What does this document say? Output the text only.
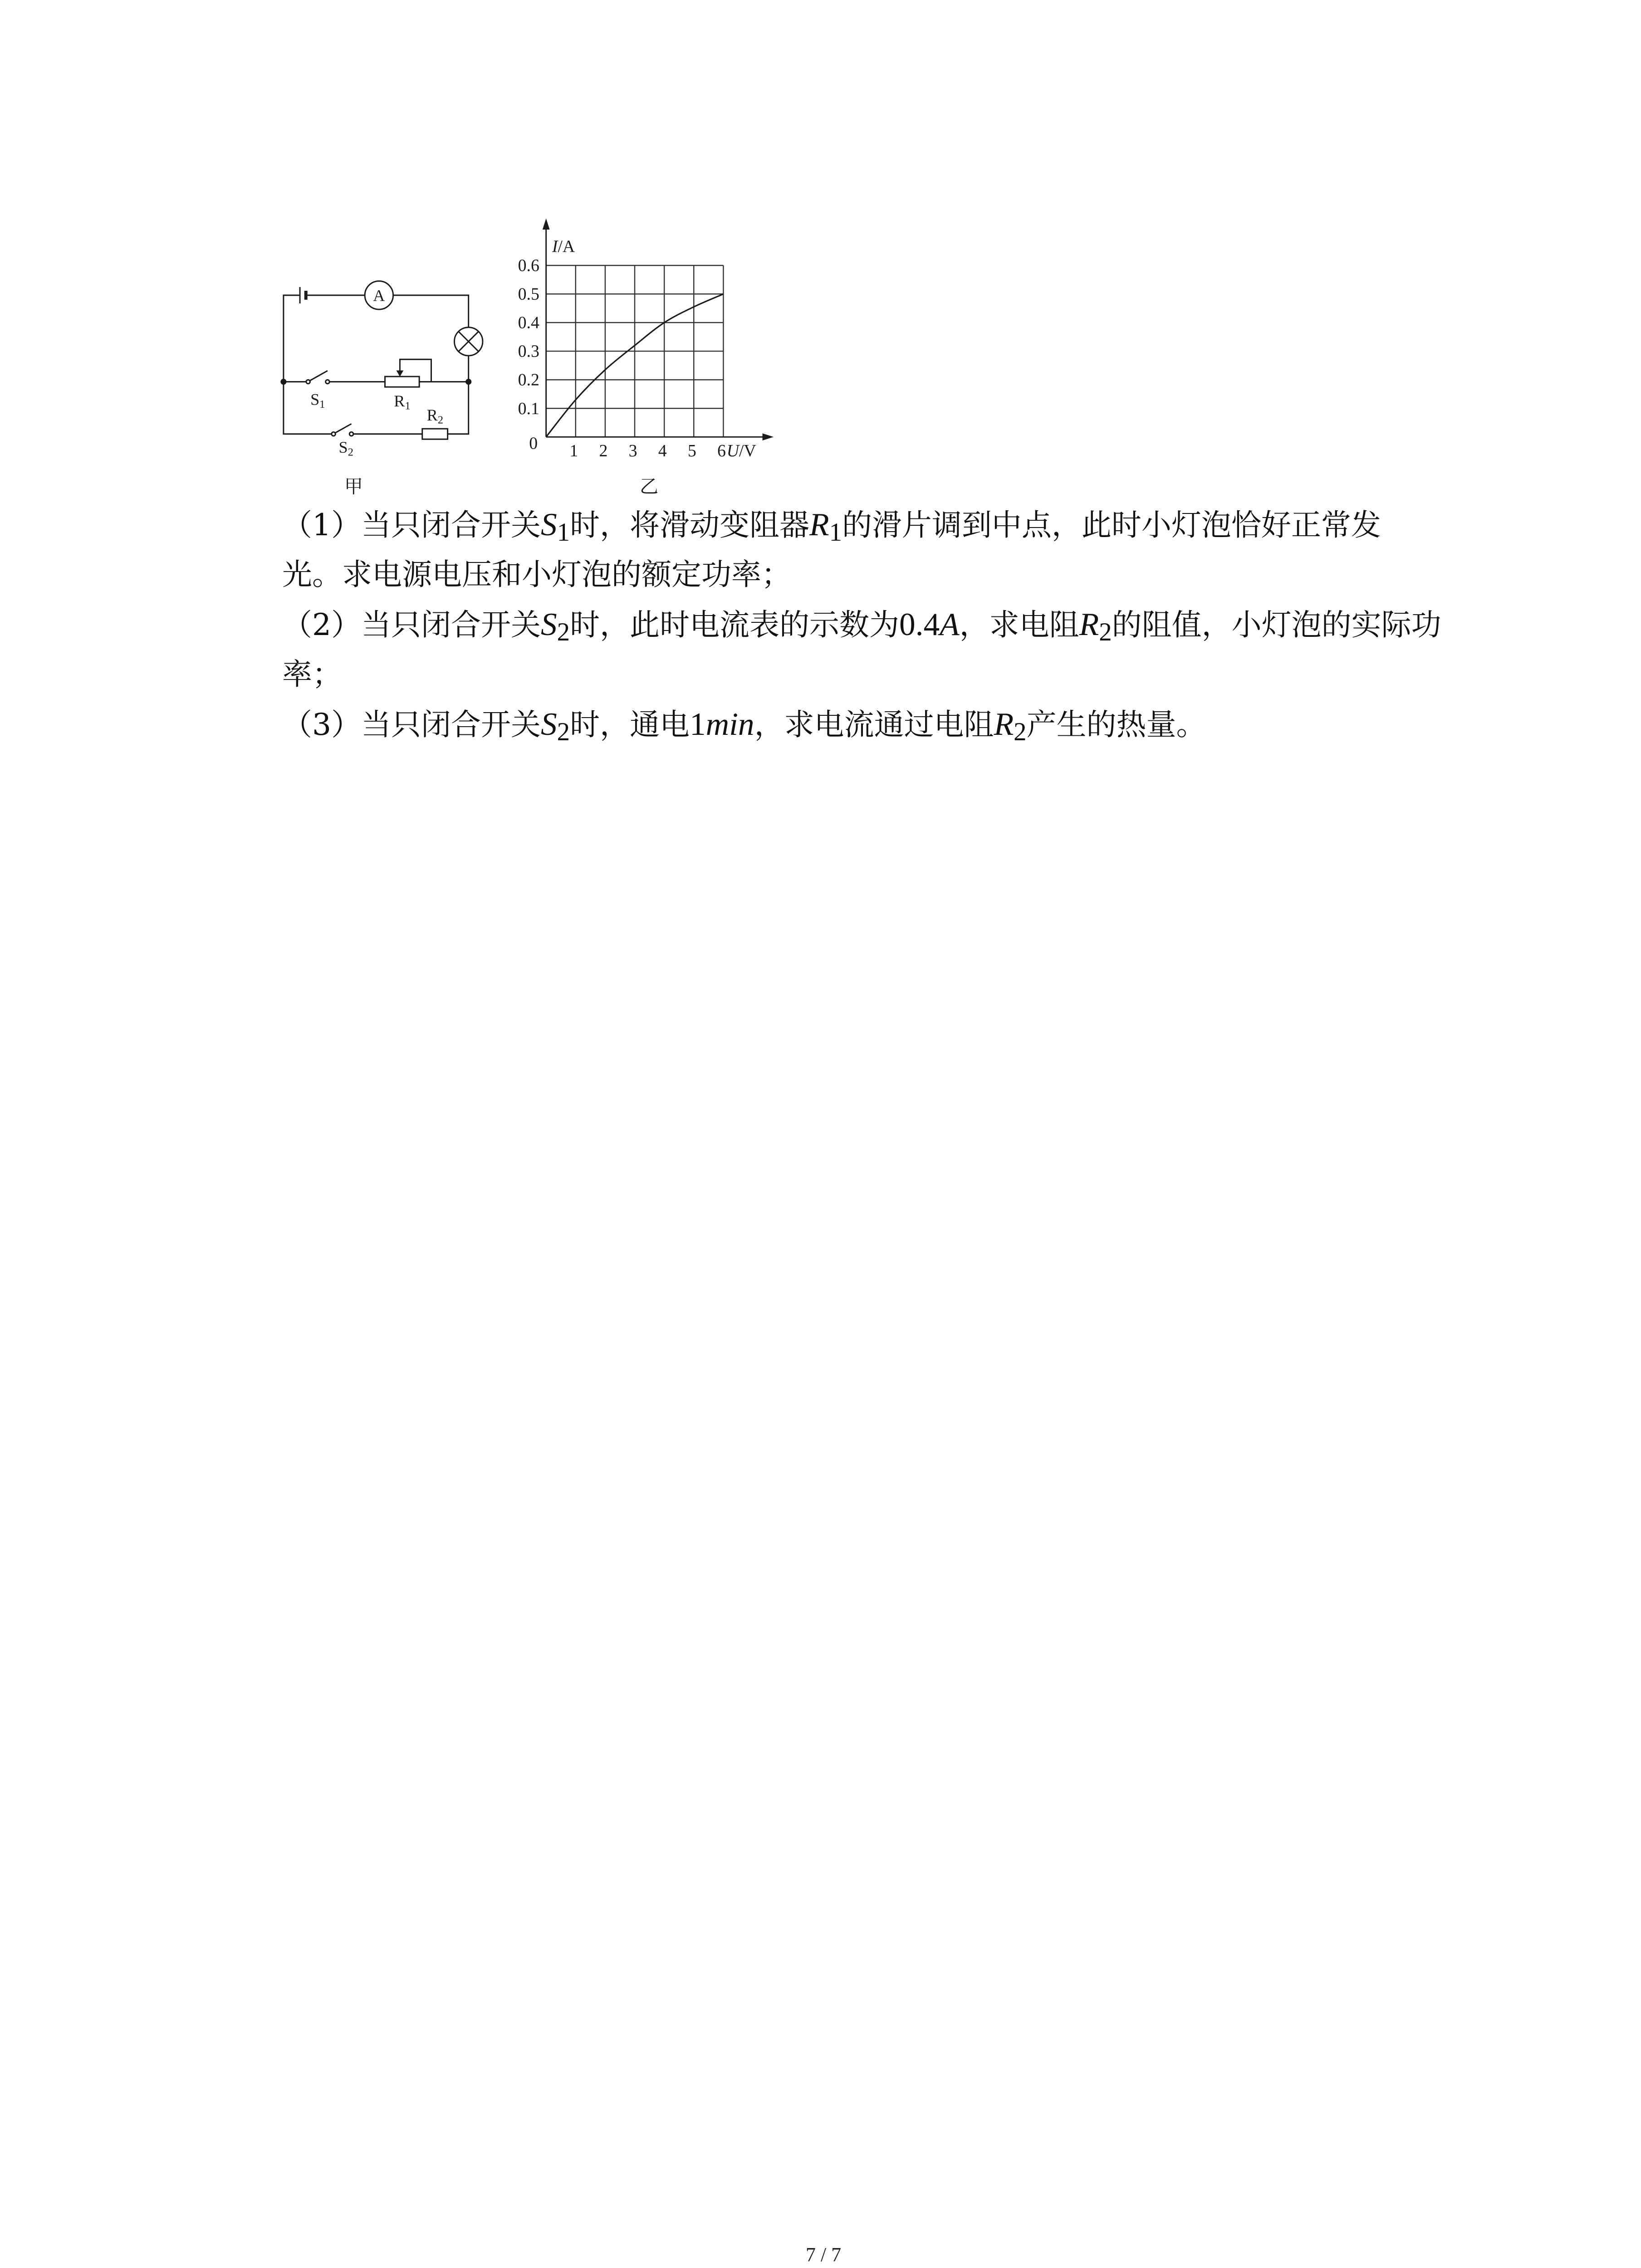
A
S1	R1
R2
S2
甲
I/A
U/V
0	1	2	3	4	5	6
0.1
0.2
0.3
0.4
0.5
0.6
乙
（1）当只闭合开关S1时，将滑动变阻器R1的滑片调到中点，此时小灯泡恰好正常发
光。求电源电压和小灯泡的额定功率；
（2）当只闭合开关S2时，此时电流表的示数为0.4A，求电阻R2的阻值，小灯泡的实际功
率；
（3）当只闭合开关S2时，通电1min，求电流通过电阻R2产生的热量。
7 / 7
